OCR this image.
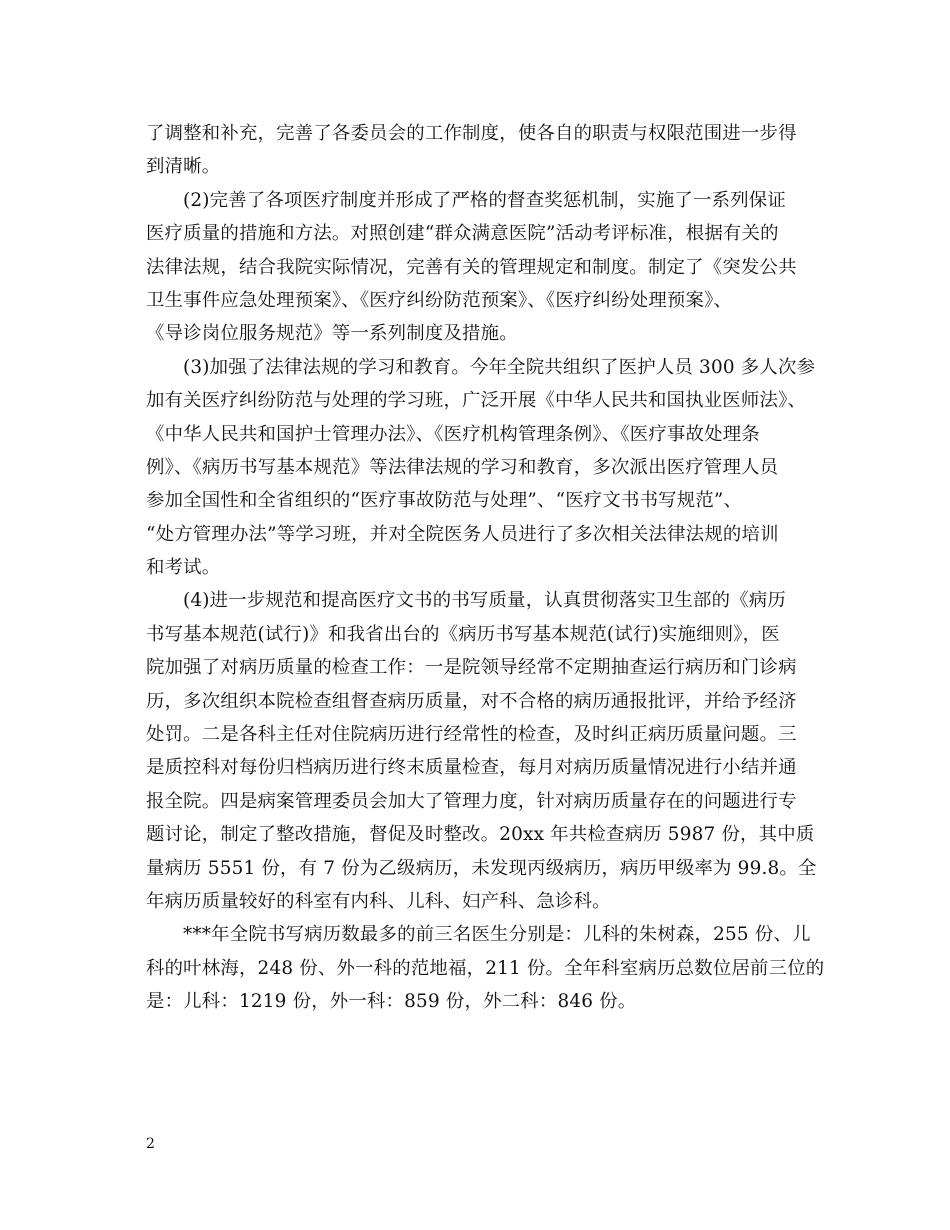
了调整和补充，完善了各委员会的工作制度，使各自的职责与权限范围进一步得
到清晰。
(2)完善了各项医疗制度并形成了严格的督查奖惩机制，实施了一系列保证
医疗质量的措施和方法。对照创建“群众满意医院”活动考评标准，根据有关的
法律法规，结合我院实际情况，完善有关的管理规定和制度。制定了《突发公共
卫生事件应急处理预案》、《医疗纠纷防范预案》、《医疗纠纷处理预案》、
《导诊岗位服务规范》等一系列制度及措施。
(3)加强了法律法规的学习和教育。今年全院共组织了医护人员 300 多人次参
加有关医疗纠纷防范与处理的学习班，广泛开展《中华人民共和国执业医师法》、
《中华人民共和国护士管理办法》、《医疗机构管理条例》、《医疗事故处理条
例》、《病历书写基本规范》等法律法规的学习和教育，多次派出医疗管理人员
参加全国性和全省组织的“医疗事故防范与处理”、“医疗文书书写规范”、
“处方管理办法”等学习班，并对全院医务人员进行了多次相关法律法规的培训
和考试。
(4)进一步规范和提高医疗文书的书写质量，认真贯彻落实卫生部的《病历
书写基本规范(试行)》和我省出台的《病历书写基本规范(试行)实施细则》，医
院加强了对病历质量的检查工作：一是院领导经常不定期抽查运行病历和门诊病
历，多次组织本院检查组督查病历质量，对不合格的病历通报批评，并给予经济
处罚。二是各科主任对住院病历进行经常性的检查，及时纠正病历质量问题。三
是质控科对每份归档病历进行终末质量检查，每月对病历质量情况进行小结并通
报全院。四是病案管理委员会加大了管理力度，针对病历质量存在的问题进行专
题讨论，制定了整改措施，督促及时整改。20xx 年共检查病历 5987 份，其中质
量病历 5551 份，有 7 份为乙级病历，未发现丙级病历，病历甲级率为 99.8。全
年病历质量较好的科室有内科、儿科、妇产科、急诊科。
***年全院书写病历数最多的前三名医生分别是：儿科的朱树森，255 份、儿
科的叶林海，248 份、外一科的范地福，211 份。全年科室病历总数位居前三位的
是：儿科：1219 份，外一科：859 份，外二科：846 份。
2
